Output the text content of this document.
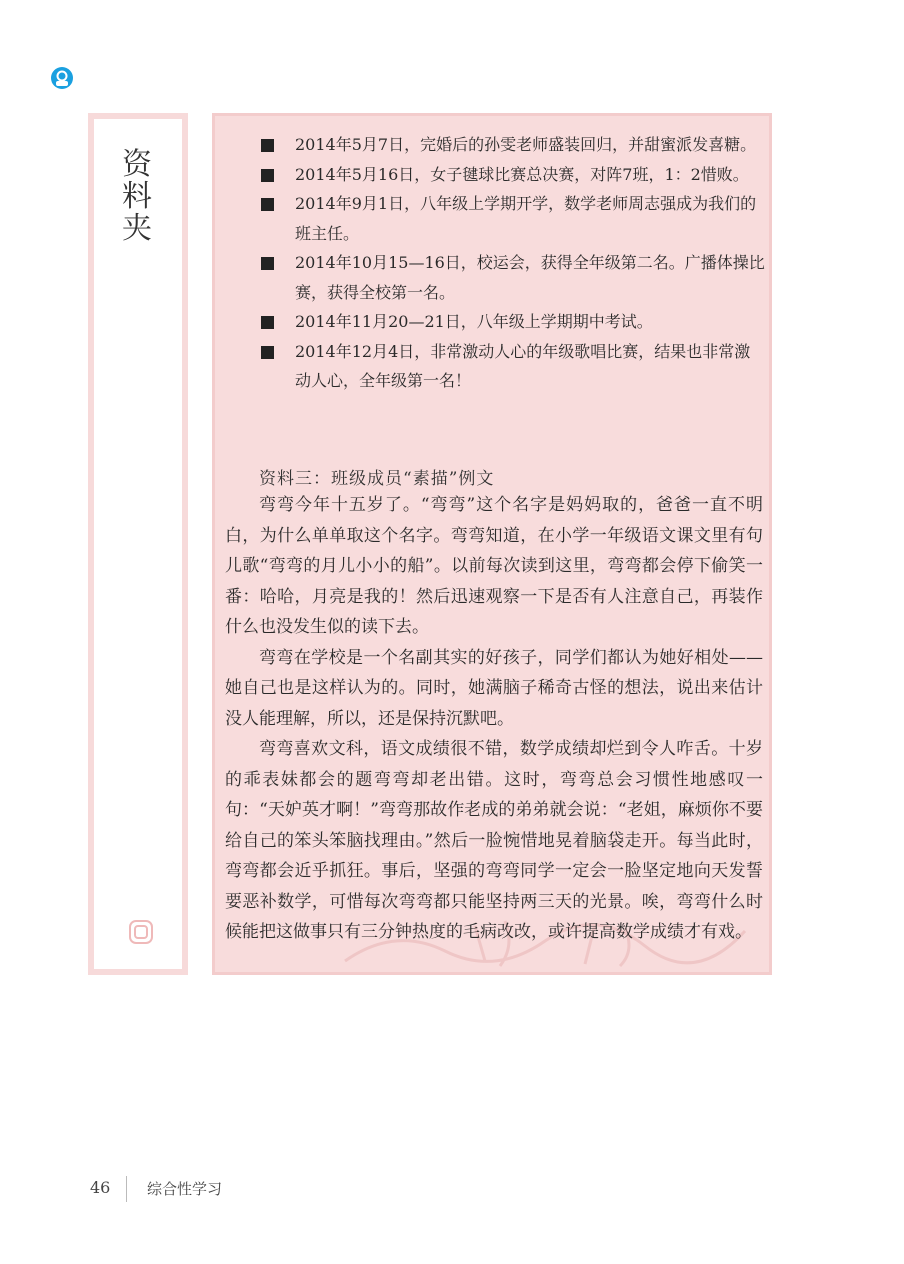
资
料
夹
2014年5月7日，完婚后的孙雯老师盛装回归，并甜蜜派发喜糖。
2014年5月16日，女子毽球比赛总决赛，对阵7班，1：2惜败。
2014年9月1日，八年级上学期开学，数学老师周志强成为我们的班主任。
2014年10月15—16日，校运会，获得全年级第二名。广播体操比赛，获得全校第一名。
2014年11月20—21日，八年级上学期期中考试。
2014年12月4日，非常激动人心的年级歌唱比赛，结果也非常激动人心，全年级第一名！
资料三：班级成员“素描”例文

弯弯今年十五岁了。“弯弯”这个名字是妈妈取的，爸爸一直不明白，为什么单单取这个名字。弯弯知道，在小学一年级语文课文里有句儿歌“弯弯的月儿小小的船”。以前每次读到这里，弯弯都会停下偷笑一番：哈哈，月亮是我的！然后迅速观察一下是否有人注意自己，再装作什么也没发生似的读下去。

弯弯在学校是一个名副其实的好孩子，同学们都认为她好相处——她自己也是这样认为的。同时，她满脑子稀奇古怪的想法，说出来估计没人能理解，所以，还是保持沉默吧。

弯弯喜欢文科，语文成绩很不错，数学成绩却烂到令人咋舌。十岁的乖表妹都会的题弯弯却老出错。这时，弯弯总会习惯性地感叹一句：“天妒英才啊！”弯弯那故作老成的弟弟就会说：“老姐，麻烦你不要给自己的笨头笨脑找理由。”然后一脸惋惜地晃着脑袋走开。每当此时，弯弯都会近乎抓狂。事后，坚强的弯弯同学一定会一脸坚定地向天发誓要恶补数学，可惜每次弯弯都只能坚持两三天的光景。唉，弯弯什么时候能把这做事只有三分钟热度的毛病改改，或许提高数学成绩才有戏。

46 综合性学习
